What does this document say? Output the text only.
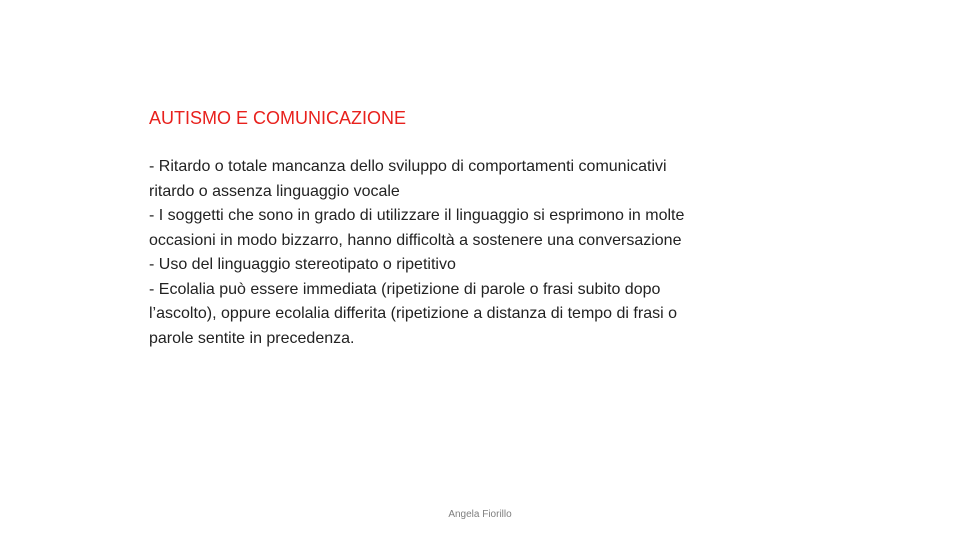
AUTISMO E COMUNICAZIONE
- Ritardo o totale mancanza dello sviluppo di comportamenti comunicativi
ritardo o assenza linguaggio vocale
- I soggetti che sono in grado di utilizzare il linguaggio si esprimono in molte
occasioni in modo bizzarro, hanno difficoltà a sostenere una conversazione
- Uso del linguaggio stereotipato o ripetitivo
- Ecolalia può essere immediata (ripetizione di parole o frasi subito dopo
l’ascolto), oppure ecolalia differita (ripetizione a distanza di tempo di frasi o
parole sentite in precedenza.
Angela Fiorillo
